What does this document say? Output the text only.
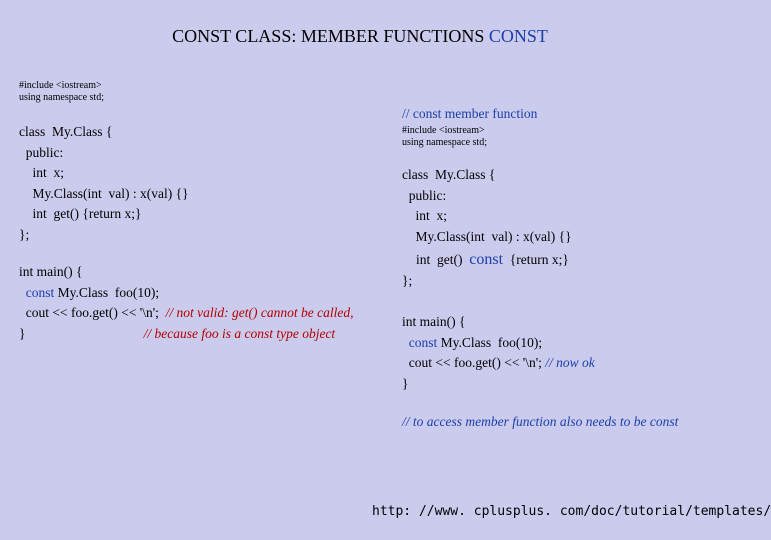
CONST CLASS: MEMBER FUNCTIONS CONST
#include <iostream>
using namespace std;
class  My.Class {
public:
int  x;
My.Class(int  val) : x(val) {}
int  get() {return x;}
};
int main() {
const My.Class  foo(10);
cout << foo.get() << '\n'; // not valid: get() cannot be called,
}	// because foo is a const type object
// const member function
#include <iostream>
using namespace std;
class  My.Class {
public:
int  x;
My.Class(int  val) : x(val) {}
int  get() const {return x;}
};
int main() {
const My.Class  foo(10);
cout << foo.get() << '\n'; // now ok
}
// to access member function also needs to be const
http: //www. cplusplus. com/doc/tutorial/templates/
